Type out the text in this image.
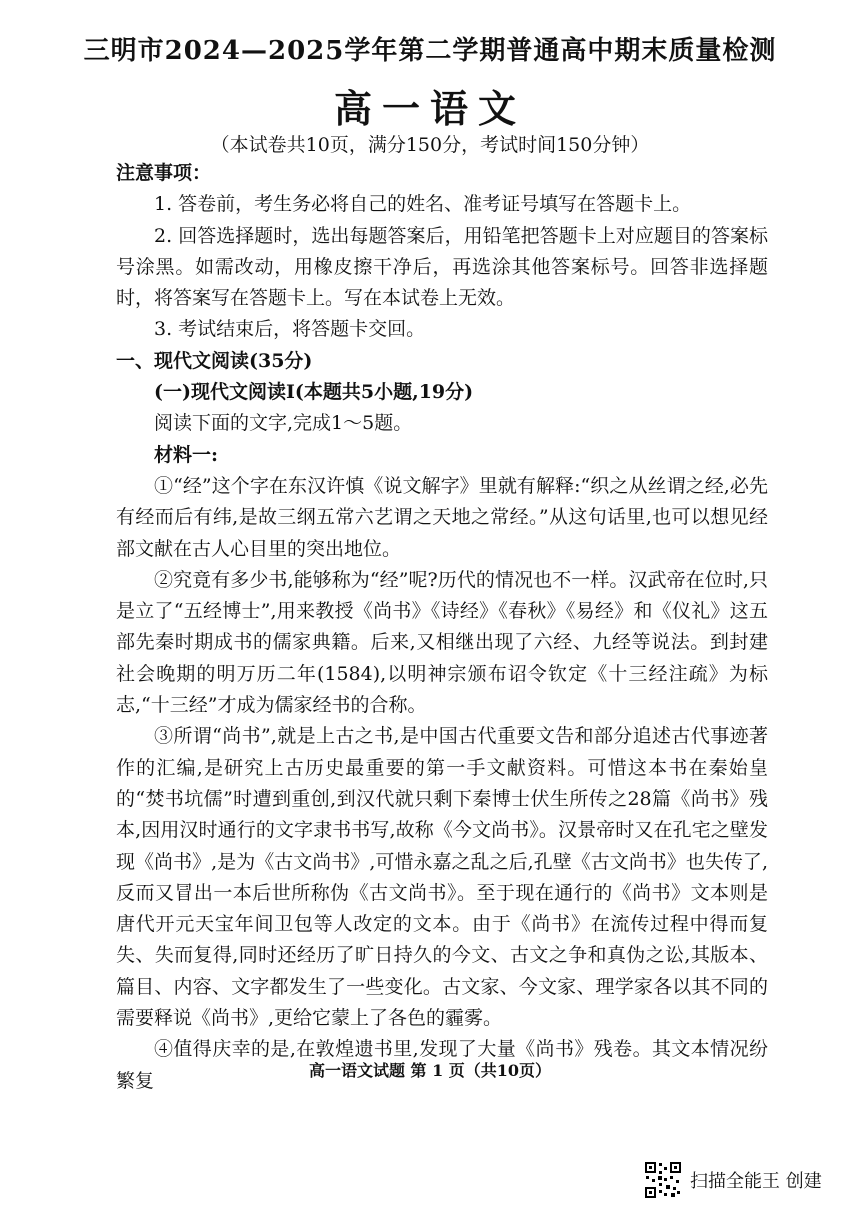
三明市2024—2025学年第二学期普通高中期末质量检测
高一语文
（本试卷共10页，满分150分，考试时间150分钟）

注意事项：

1. 答卷前，考生务必将自己的姓名、准考证号填写在答题卡上。

2. 回答选择题时，选出每题答案后，用铅笔把答题卡上对应题目的答案标号涂黑。如需改动，用橡皮擦干净后，再选涂其他答案标号。回答非选择题时，将答案写在答题卡上。写在本试卷上无效。

3. 考试结束后，将答题卡交回。

一、现代文阅读(35分)

(一)现代文阅读Ⅰ(本题共5小题,19分)

阅读下面的文字,完成1～5题。

材料一:

①“经”这个字在东汉许慎《说文解字》里就有解释:“织之从丝谓之经,必先有经而后有纬,是故三纲五常六艺谓之天地之常经。”从这句话里,也可以想见经部文献在古人心目里的突出地位。

②究竟有多少书,能够称为“经”呢?历代的情况也不一样。汉武帝在位时,只是立了“五经博士”,用来教授《尚书》《诗经》《春秋》《易经》和《仪礼》这五部先秦时期成书的儒家典籍。后来,又相继出现了六经、九经等说法。到封建社会晚期的明万历二年(1584),以明神宗颁布诏令钦定《十三经注疏》为标志,“十三经”才成为儒家经书的合称。

③所谓“尚书”,就是上古之书,是中国古代重要文告和部分追述古代事迹著作的汇编,是研究上古历史最重要的第一手文献资料。可惜这本书在秦始皇的“焚书坑儒”时遭到重创,到汉代就只剩下秦博士伏生所传之28篇《尚书》残本,因用汉时通行的文字隶书书写,故称《今文尚书》。汉景帝时又在孔宅之壁发现《尚书》,是为《古文尚书》,可惜永嘉之乱之后,孔壁《古文尚书》也失传了,反而又冒出一本后世所称伪《古文尚书》。至于现在通行的《尚书》文本则是唐代开元天宝年间卫包等人改定的文本。由于《尚书》在流传过程中得而复失、失而复得,同时还经历了旷日持久的今文、古文之争和真伪之讼,其版本、篇目、内容、文字都发生了一些变化。古文家、今文家、理学家各以其不同的需要释说《尚书》,更给它蒙上了各色的霾雾。

④值得庆幸的是,在敦煌遗书里,发现了大量《尚书》残卷。其文本情况纷繁复	高一语文试题 第 1 页（共10页）
扫描全能王 创建
